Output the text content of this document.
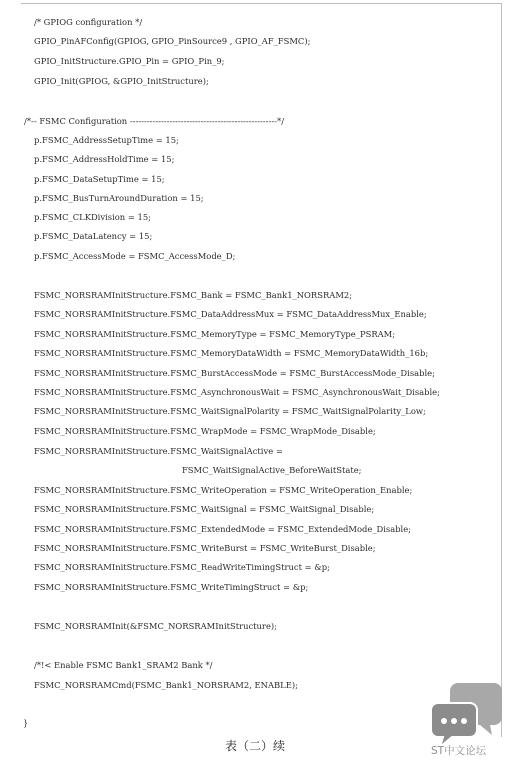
/* GPIOG configuration */
GPIO_PinAFConfig(GPIOG, GPIO_PinSource9 , GPIO_AF_FSMC);
GPIO_InitStructure.GPIO_Pin = GPIO_Pin_9;
GPIO_Init(GPIOG, &GPIO_InitStructure);
/*-- FSMC Configuration ----------------------------------------------------*/
p.FSMC_AddressSetupTime = 15;
p.FSMC_AddressHoldTime = 15;
p.FSMC_DataSetupTime = 15;
p.FSMC_BusTurnAroundDuration = 15;
p.FSMC_CLKDivision = 15;
p.FSMC_DataLatency = 15;
p.FSMC_AccessMode = FSMC_AccessMode_D;
FSMC_NORSRAMInitStructure.FSMC_Bank = FSMC_Bank1_NORSRAM2;
FSMC_NORSRAMInitStructure.FSMC_DataAddressMux = FSMC_DataAddressMux_Enable;
FSMC_NORSRAMInitStructure.FSMC_MemoryType = FSMC_MemoryType_PSRAM;
FSMC_NORSRAMInitStructure.FSMC_MemoryDataWidth = FSMC_MemoryDataWidth_16b;
FSMC_NORSRAMInitStructure.FSMC_BurstAccessMode = FSMC_BurstAccessMode_Disable;
FSMC_NORSRAMInitStructure.FSMC_AsynchronousWait = FSMC_AsynchronousWait_Disable;
FSMC_NORSRAMInitStructure.FSMC_WaitSignalPolarity = FSMC_WaitSignalPolarity_Low;
FSMC_NORSRAMInitStructure.FSMC_WrapMode = FSMC_WrapMode_Disable;
FSMC_NORSRAMInitStructure.FSMC_WaitSignalActive =
FSMC_WaitSignalActive_BeforeWaitState;
FSMC_NORSRAMInitStructure.FSMC_WriteOperation = FSMC_WriteOperation_Enable;
FSMC_NORSRAMInitStructure.FSMC_WaitSignal = FSMC_WaitSignal_Disable;
FSMC_NORSRAMInitStructure.FSMC_ExtendedMode = FSMC_ExtendedMode_Disable;
FSMC_NORSRAMInitStructure.FSMC_WriteBurst = FSMC_WriteBurst_Disable;
FSMC_NORSRAMInitStructure.FSMC_ReadWriteTimingStruct = &p;
FSMC_NORSRAMInitStructure.FSMC_WriteTimingStruct = &p;
FSMC_NORSRAMInit(&FSMC_NORSRAMInitStructure);
/*!< Enable FSMC Bank1_SRAM2 Bank */
FSMC_NORSRAMCmd(FSMC_Bank1_NORSRAM2, ENABLE);
}
表（二）续	ST中文论坛
